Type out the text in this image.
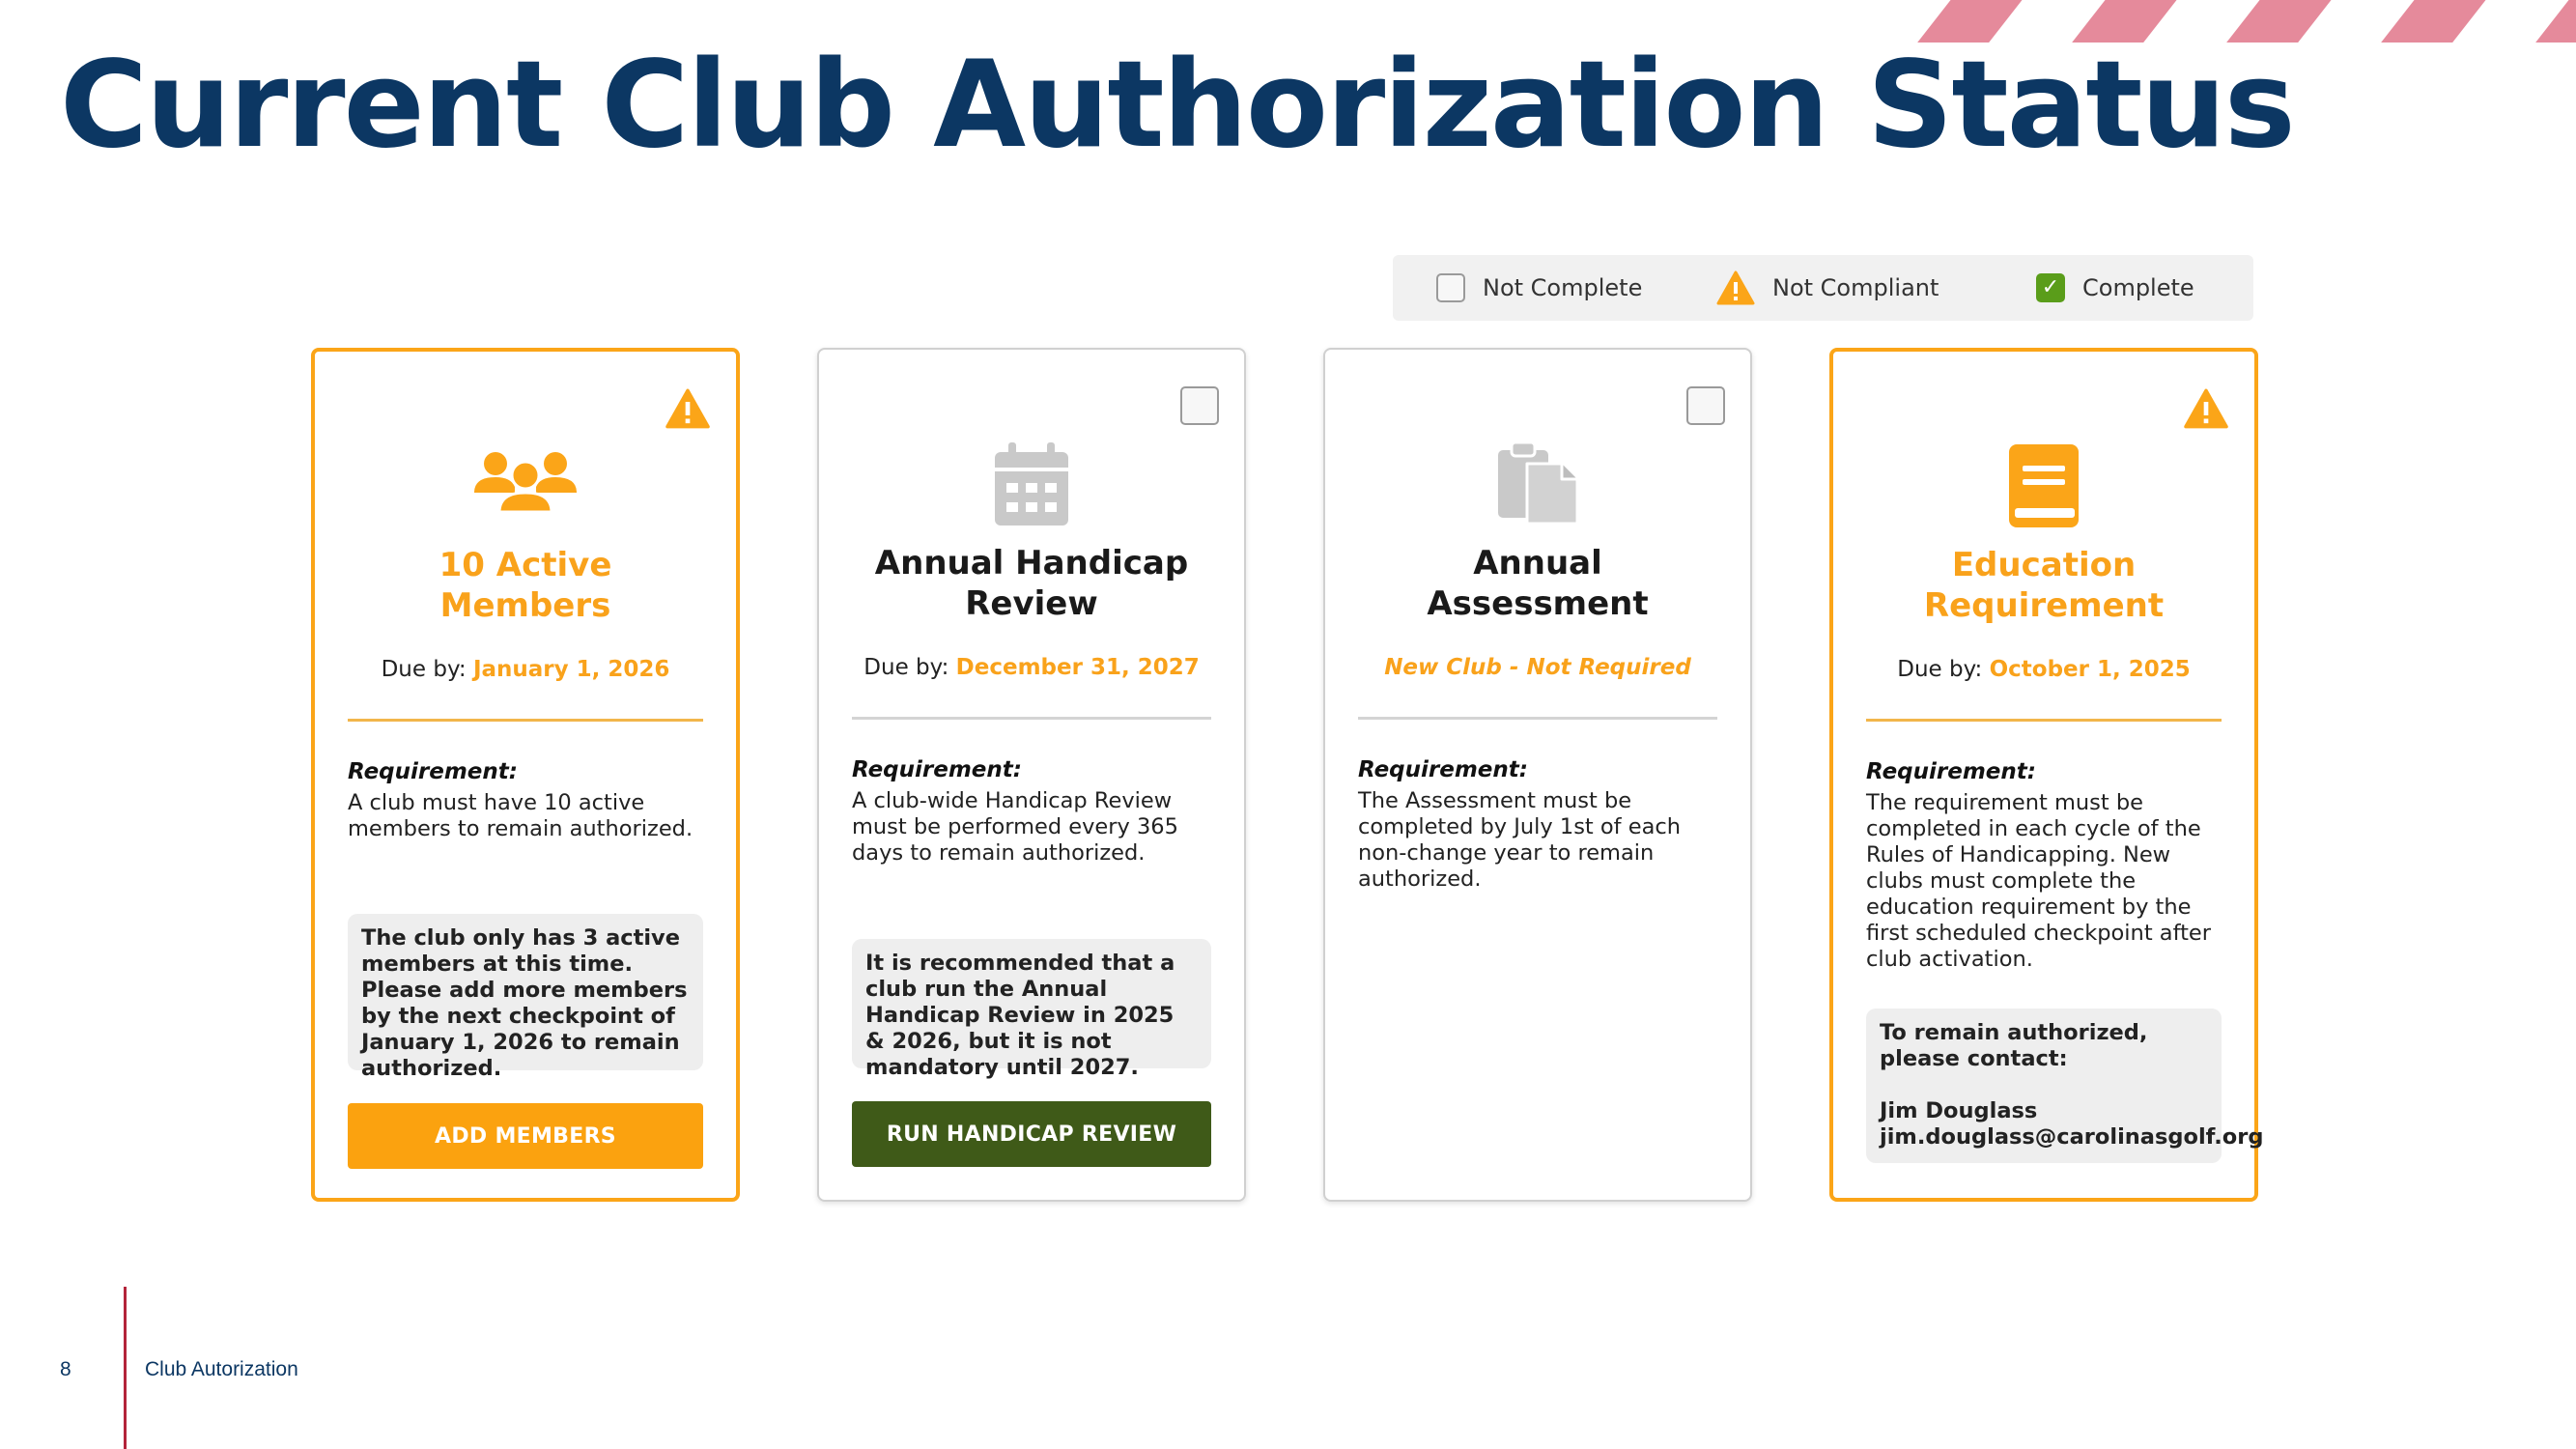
Current Club Authorization Status
Not Complete	Not Compliant	✓ Complete
10 Active
Members
Due by: January 1, 2026
Requirement:
A club must have 10 active members to remain authorized.
The club only has 3 active members at this time. Please add more members by the next checkpoint of January 1, 2026 to remain authorized.
ADD MEMBERS
Annual Handicap
Review
Due by: December 31, 2027
Requirement:
A club-wide Handicap Review must be performed every 365 days to remain authorized.
It is recommended that a club run the Annual Handicap Review in 2025 & 2026, but it is not mandatory until 2027.
RUN HANDICAP REVIEW
Annual
Assessment
New Club - Not Required
Requirement:
The Assessment must be completed by July 1st of each non-change year to remain authorized.
Education
Requirement
Due by: October 1, 2025
Requirement:
The requirement must be completed in each cycle of the Rules of Handicapping. New clubs must complete the education requirement by the first scheduled checkpoint after club activation.
To remain authorized, please contact:
Jim Douglass
jim.douglass@carolinasgolf.org
8	Club Autorization
